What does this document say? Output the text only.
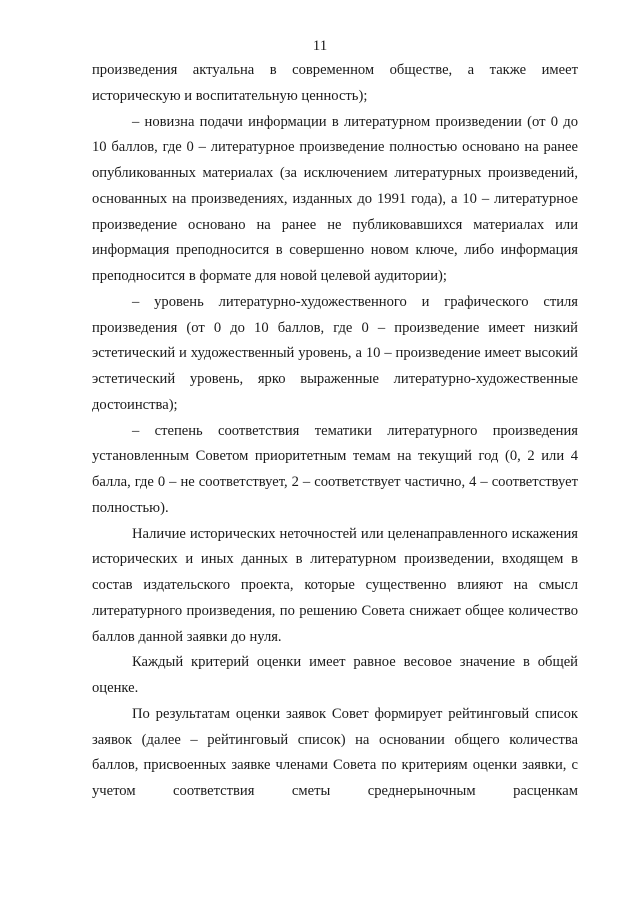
11

произведения актуальна в современном обществе, а также имеет историческую и воспитательную ценность);

– новизна подачи информации в литературном произведении (от 0 до 10 баллов, где 0 – литературное произведение полностью основано на ранее опубликованных материалах (за исключением литературных произведений, основанных на произведениях, изданных до 1991 года), а 10 – литературное произведение основано на ранее не публиковавшихся материалах или информация преподносится в совершенно новом ключе, либо информация преподносится в формате для новой целевой аудитории);

– уровень литературно-художественного и графического стиля произведения (от 0 до 10 баллов, где 0 – произведение имеет низкий эстетический и художественный уровень, а 10 – произведение имеет высокий эстетический уровень, ярко выраженные литературно-художественные достоинства);

– степень соответствия тематики литературного произведения установленным Советом приоритетным темам на текущий год (0, 2 или 4 балла, где 0 – не соответствует, 2 – соответствует частично, 4 – соответствует полностью).

Наличие исторических неточностей или целенаправленного искажения исторических и иных данных в литературном произведении, входящем в состав издательского проекта, которые существенно влияют на смысл литературного произведения, по решению Совета снижает общее количество баллов данной заявки до нуля.

Каждый критерий оценки имеет равное весовое значение в общей оценке.

По результатам оценки заявок Совет формирует рейтинговый список заявок (далее – рейтинговый список) на основании общего количества баллов, присвоенных заявке членами Совета по критериям оценки заявки, с учетом соответствия сметы среднерыночным расценкам
